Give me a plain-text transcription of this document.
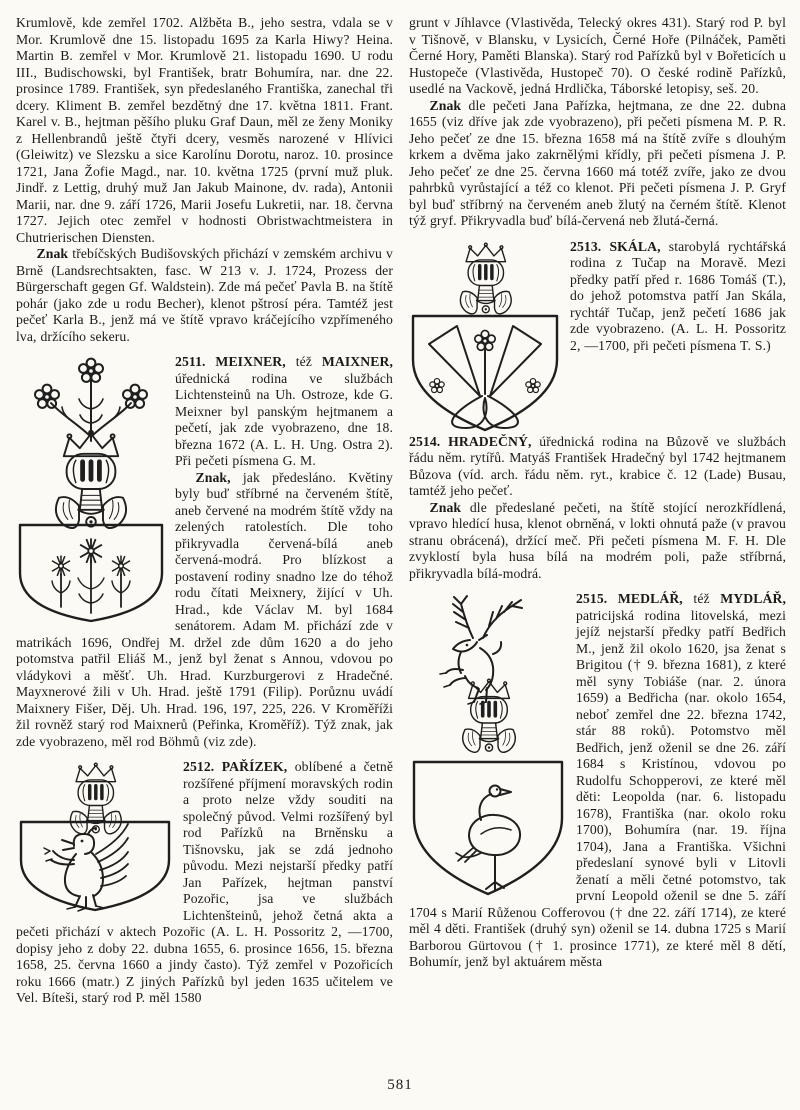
Krumlově, kde zemřel 1702. Alžběta B., jeho sestra, vdala se v Mor. Krumlově dne 15. listopadu 1695 za Karla Hiwy? Heina. Martin B. zemřel v Mor. Krumlově 21. listopadu 1690. U rodu III., Budischowski, byl František, bratr Bohumíra, nar. dne 22. prosince 1789. František, syn předeslaného Františka, zanechal tři dcery. Kliment B. zemřel bezdětný dne 17. května 1811. Frant. Karel v. B., hejtman pěšího pluku Graf Daun, měl ze ženy Moniky z Hellenbrandů ještě čtyři dcery, vesměs narozené v Hlívici (Gleiwitz) ve Slezsku a sice Karolínu Dorotu, naroz. 10. prosince 1721, Jana Žofie Magd., nar. 10. května 1725 (první muž pluk. Jindř. z Lettig, druhý muž Jan Jakub Mainone, dv. rada), Antonii Marii, nar. dne 9. září 1726, Marii Josefu Lukretii, nar. 18. června 1727. Jejich otec zemřel v hodnosti Obristwachtmeistera in Chutrierischen Diensten.

Znak třebíčských Budišovských přichází v zemském archivu v Brně (Landsrechtsakten, fasc. W 213 v. J. 1724, Prozess der Bürgerschaft gegen Gf. Waldstein). Zde má pečeť Pavla B. na štítě pohár (jako zde u rodu Becher), klenot pštrosí péra. Tamtéž jest pečeť Karla B., jenž má ve štítě vpravo kráčejícího vzpřímeného lva, držícího sekeru.

2511. MEIXNER, též MAIXNER,
úřednická rodina ve službách Lichtensteinů na Uh. Ostroze, kde G. Meixner byl panským hejtmanem a pečetí, jak zde vyobrazeno, dne 18. března 1672 (A. L. H. Ung. Ostra 2). Při pečeti písmena G. M.

Znak, jak předesláno. Květiny byly buď stříbrné na červeném štítě, aneb červené na modrém štítě vždy na zelených ratolestích. Dle toho přikryvadla červená-bílá aneb červená-modrá. Pro blízkost a postavení rodiny snadno lze do téhož rodu čítati Meixnery, žijící v Uh. Hrad., kde Václav M. byl 1684 senátorem. Adam M. přichází zde v matrikách 1696, Ondřej M. držel zde dům 1620 a do jeho potomstva patřil Eliáš M., jenž byl ženat s Annou, vdovou po vládykovi a měšť. Uh. Hrad. Kurzburgerovi z Hradečné. Mayxnerové žili v Uh. Hrad. ještě 1791 (Filip). Porůznu uvádí Maixnery Fišer, Děj. Uh. Hrad. 196, 197, 225, 226. V Kroměříži žil rovněž starý rod Maixnerů (Peřinka, Kroměříž). Týž znak, jak zde vyobrazeno, měl rod Böhmů (viz zde).

2512. PAŘÍZEK,
oblíbené a četně rozšířené příjmení moravských rodin a proto nelze vždy souditi na společný původ. Velmi rozšířený byl rod Pařízků na Brněnsku a Tišnovsku, jak se zdá jednoho původu. Mezi nejstarší předky patří Jan Pařízek, hejtman panství Pozořic, jsa ve službách Lichtenšteinů, jehož četná akta a pečeti přichází v aktech Pozořic (A. L. H. Possoritz 2, —1700, dopisy jeho z doby 22. dubna 1655, 6. prosince 1656, 15. března 1658, 25. června 1660 a jindy často). Týž zemřel v Pozořicích roku 1666 (matr.) Z jiných Pařízků byl jeden 1635 učitelem ve Vel. Bíteši, starý rod P. měl 1580

grunt v Jíhlavce (Vlastivěda, Telecký okres 431). Starý rod P. byl v Tišnově, v Blansku, v Lysicích, Černé Hoře (Pilnáček, Paměti Černé Hory, Paměti Blanska). Starý rod Pařízků byl v Bořeticích u Hustopeče (Vlastivěda, Hustopeč 70). O české rodině Pařízků, usedlé na Vackově, jedná Hrdlička, Táborské letopisy, seš. 20.

Znak dle pečeti Jana Pařízka, hejtmana, ze dne 22. dubna 1655 (viz dříve jak zde vyobrazeno), při pečeti písmena M. P. R. Jeho pečeť ze dne 15. března 1658 má na štítě zvíře s dlouhým krkem a dvěma jako zakrnělými křídly, při pečeti písmena J. P. Jeho pečeť ze dne 25. června 1660 má totéž zvíře, jako ze dvou pahrbků vyrůstající a též co klenot. Při pečeti písmena J. P. Gryf byl buď stříbrný na červeném aneb žlutý na černém štítě. Klenot týž gryf. Přikryvadla buď bílá-červená neb žlutá-černá.

2513. SKÁLA,
starobylá rychtářská rodina z Tučap na Moravě. Mezi předky patří před r. 1686 Tomáš (T.), do jehož potomstva patří Jan Skála, rychtář Tučap, jenž pečetí 1686 jak zde vyobrazeno. (A. L. H. Possoritz 2, —1700, při pečeti písmena T. S.)

2514. HRADEČNÝ, úřednická rodina na Bůzově ve službách řádu něm. rytířů. Matyáš František Hradečný byl 1742 hejtmanem Bůzova (víd. arch. řádu něm. ryt., krabice č. 12 (Lade) Busau, tamtéž jeho pečeť.

Znak dle předeslané pečeti, na štítě stojící nerozkřídlená, vpravo hledící husa, klenot obrněná, v lokti ohnutá paže (v pravou stranu obrácená), držící meč. Při pečeti písmena M. F. H. Dle zvyklostí byla husa bílá na modrém poli, paže stříbrná, přikryvadla bílá-modrá.

2515. MEDLÁŘ, též MYDLÁŘ,
patricijská rodina litovelská, mezi jejíž nejstarší předky patří Bedřich M., jenž žil okolo 1620, jsa ženat s Brigitou († 9. března 1681), z které měl syny Tobiáše (nar. 2. února 1659) a Bedřicha (nar. okolo 1654, neboť zemřel dne 22. března 1742, stár 88 roků). Potomstvo měl Bedřich, jenž oženil se dne 26. září 1684 s Kristínou, vdovou po Rudolfu Schopperovi, ze které měl děti: Leopolda (nar. 6. listopadu 1678), Františka (nar. okolo roku 1700), Bohumíra (nar. 19. října 1704), Jana a Františka. Všichni předeslaní synové byli v Litovli ženatí a měli četné potomstvo, tak první Leopold oženil se dne 5. září 1704 s Marií Růženou Cofferovou († dne 22. září 1714), ze které měl 4 děti. František (druhý syn) oženil se 14. dubna 1725 s Marií Barborou Gürtovou († 1. prosince 1771), ze které měl 8 dětí, Bohumír, jenž byl aktuárem města

581
